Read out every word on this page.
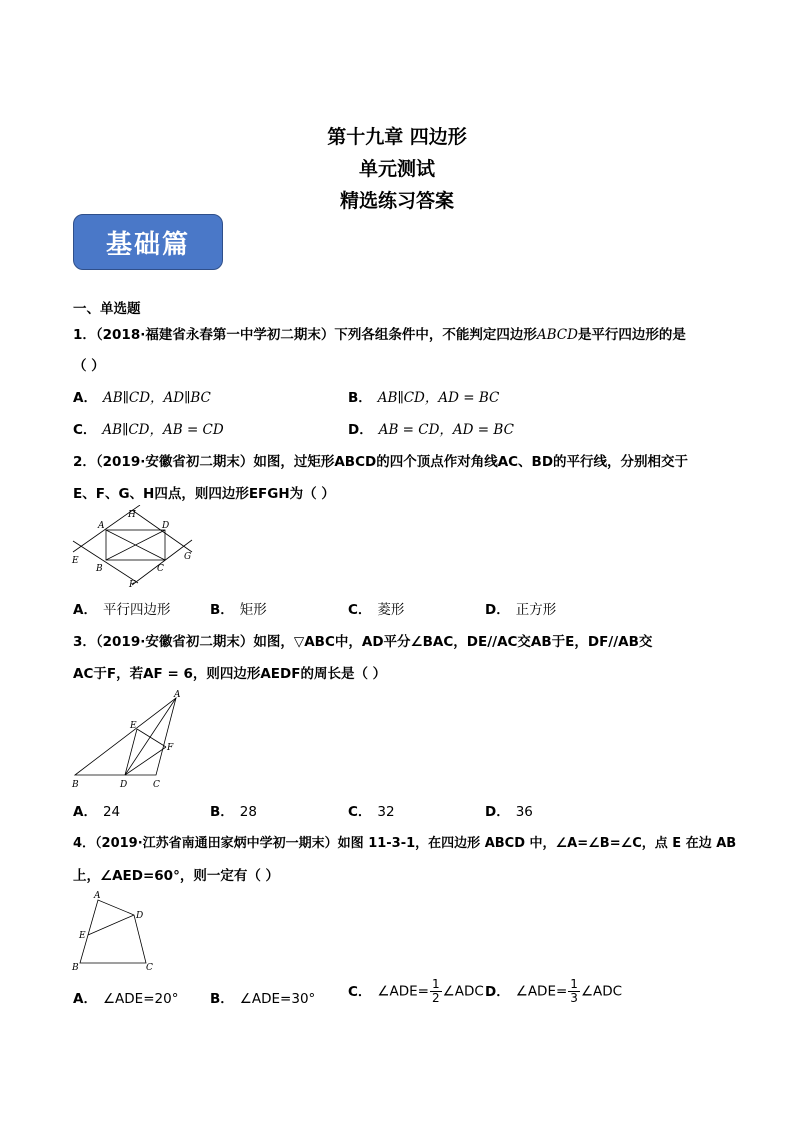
第十九章 四边形
单元测试
精选练习答案
基础篇
一、单选题
1．（2018·福建省永春第一中学初二期末）下列各组条件中，不能判定四边形ABCD是平行四边形的是
（ ）
A． AB∥CD，AD∥BC	B． AB∥CD，AD = BC
C． AB∥CD，AB = CD	D． AB = CD，AD = BC
2．（2019·安徽省初二期末）如图，过矩形ABCD的四个顶点作对角线AC、BD的平行线，分别相交于
E、F、G、H四点，则四边形EFGH为（ ）
H
A	D
E	G
B	C
F
A． 平行四边形	B． 矩形	C． 菱形	D． 正方形
3．（2019·安徽省初二期末）如图，▽ABC中，AD平分∠BAC，DE//AC交AB于E，DF//AB交
AC于F，若AF = 6，则四边形AEDF的周长是（ ）
A
E
F
B	D	C
A． 24	B． 28	C． 32	D． 36
4．（2019·江苏省南通田家炳中学初一期末）如图 11-3-1，在四边形 ABCD 中，∠A=∠B=∠C，点 E 在边 AB
上，∠AED=60°，则一定有（ ）
A
D
E
B	C
A． ∠ADE=20° B． ∠ADE=30° C． ∠ADE= $\frac{1}{2}$ ∠ADC D． ∠ADE= $\frac{1}{3}$ ∠ADC
